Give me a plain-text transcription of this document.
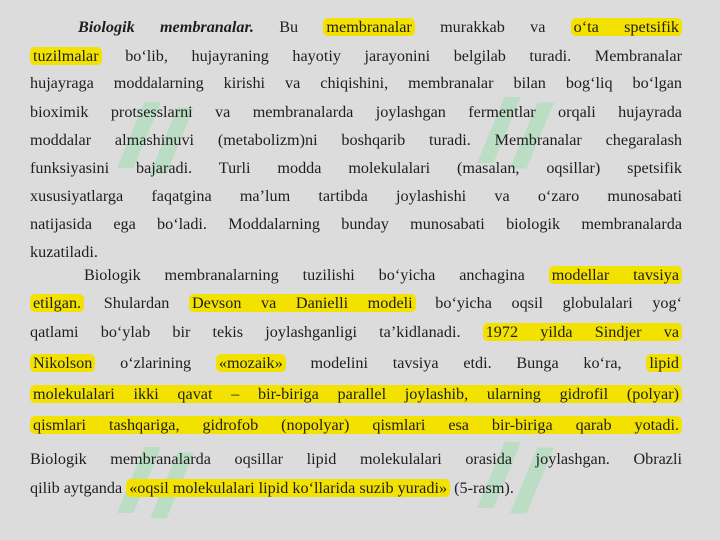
Biologik membranalar. Bu membranalar murakkab va o‘ta spetsifik
tuzilmalar bo‘lib, hujayraning hayotiy jarayonini belgilab turadi. Membranalar
hujayraga moddalarning kirishi va chiqishini, membranalar bilan bog‘liq bo‘lgan
bioximik protsesslarni va membranalarda joylashgan fermentlar orqali hujayrada
moddalar almashinuvi (metabolizm)ni boshqarib turadi. Membranalar chegaralash
funksiyasini bajaradi. Turli modda molekulalari (masalan, oqsillar) spetsifik
xususiyatlarga faqatgina ma’lum tartibda joylashishi va o‘zaro munosabati
natijasida ega bo‘ladi. Moddalarning bunday munosabati biologik membranalarda
kuzatiladi.
Biologik membranalarning tuzilishi bo‘yicha anchagina modellar tavsiya
etilgan. Shulardan Devson va Danielli modeli bo‘yicha oqsil globulalari yog‘
qatlami bo‘ylab bir tekis joylashganligi ta’kidlanadi. 1972 yilda Sindjer va
Nikolson o‘zlarining «mozaik» modelini tavsiya etdi. Bunga ko‘ra, lipid
molekulalari ikki qavat – bir-biriga parallel joylashib, ularning gidrofil (polyar)
qismlari tashqariga, gidrofob (nopolyar) qismlari esa bir-biriga qarab yotadi.
Biologik membranalarda oqsillar lipid molekulalari orasida joylashgan. Obrazli
qilib aytganda «oqsil molekulalari lipid ko‘llarida suzib yuradi» (5-rasm).
